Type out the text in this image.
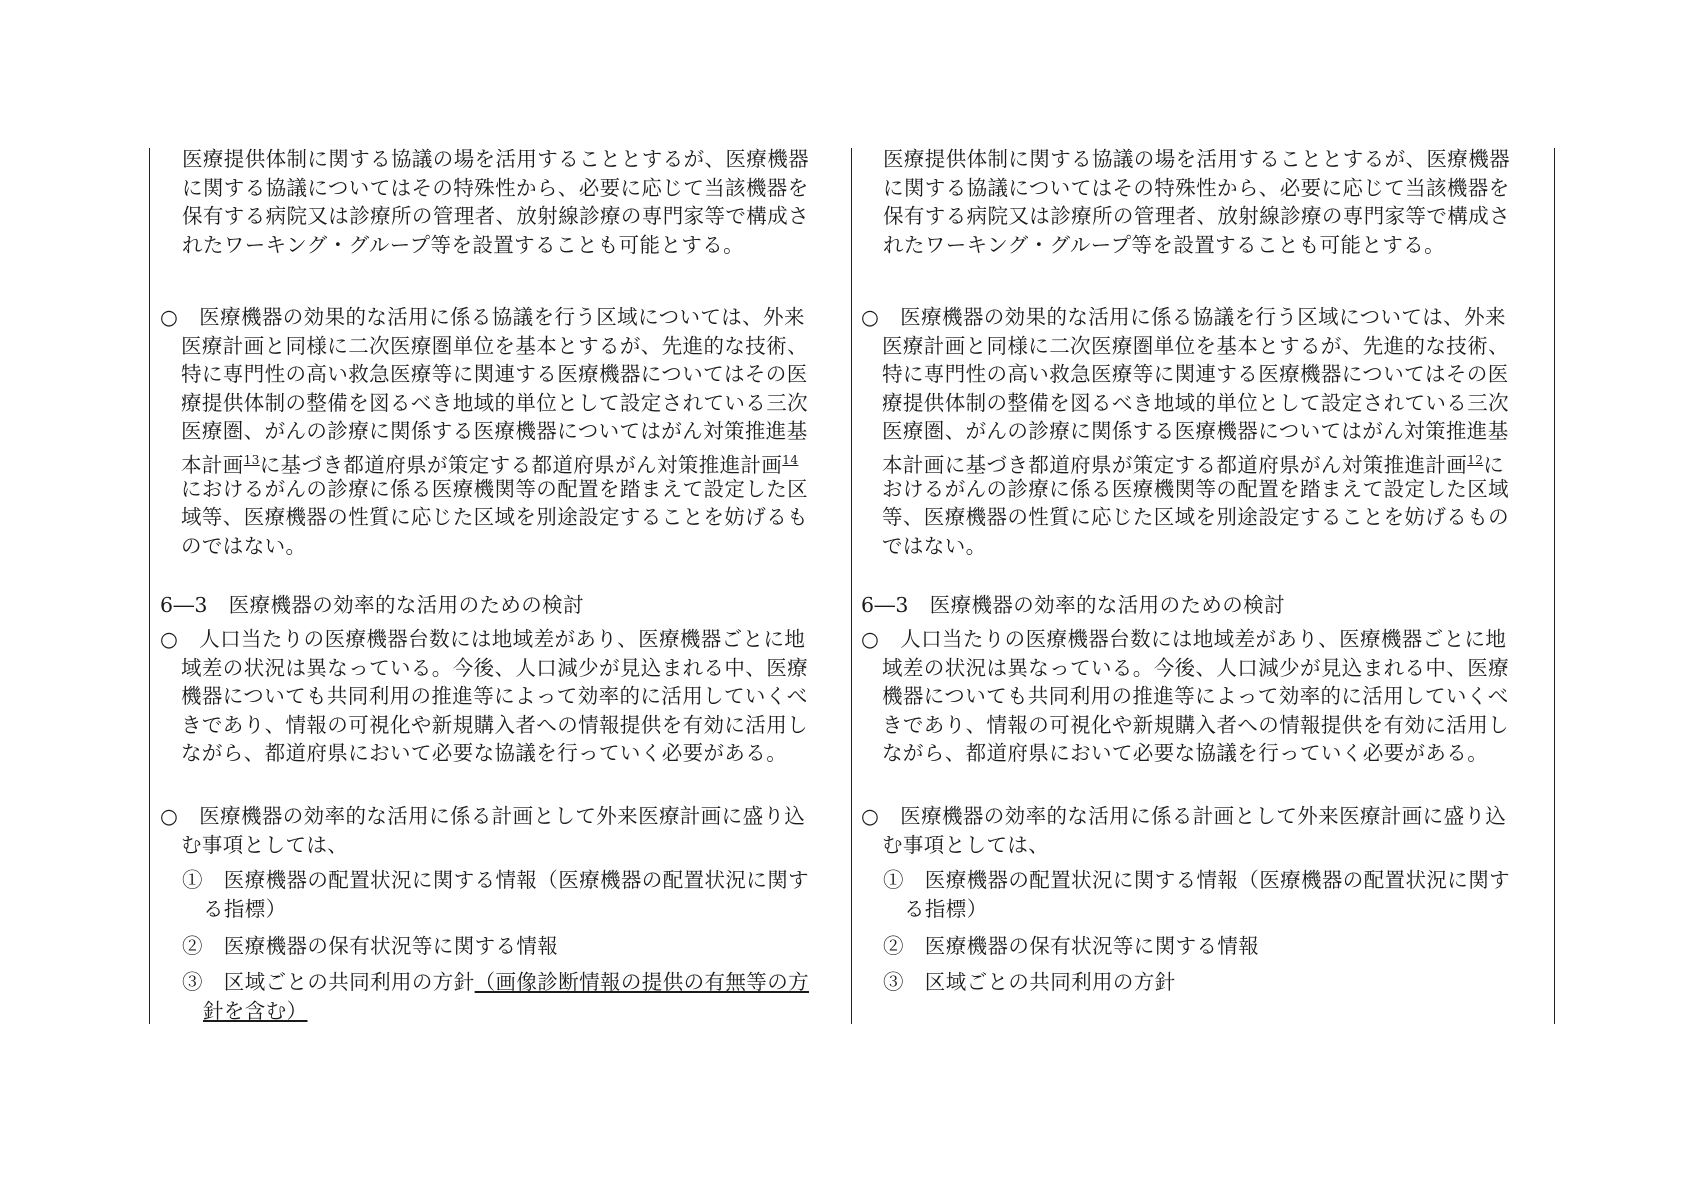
医療提供体制に関する協議の場を活用することとするが、医療機器
に関する協議についてはその特殊性から、必要に応じて当該機器を
保有する病院又は診療所の管理者、放射線診療の専門家等で構成さ
れたワーキング・グループ等を設置することも可能とする。
○　医療機器の効果的な活用に係る協議を行う区域については、外来
医療計画と同様に二次医療圏単位を基本とするが、先進的な技術、
特に専門性の高い救急医療等に関連する医療機器についてはその医
療提供体制の整備を図るべき地域的単位として設定されている三次
医療圏、がんの診療に関係する医療機器についてはがん対策推進基
本計画$^{13}$に基づき都道府県が策定する都道府県がん対策推進計画$^{14}$
におけるがんの診療に係る医療機関等の配置を踏まえて設定した区
域等、医療機器の性質に応じた区域を別途設定することを妨げるも
のではない。
6―3　医療機器の効率的な活用のための検討
○　人口当たりの医療機器台数には地域差があり、医療機器ごとに地
域差の状況は異なっている。今後、人口減少が見込まれる中、医療
機器についても共同利用の推進等によって効率的に活用していくべ
きであり、情報の可視化や新規購入者への情報提供を有効に活用し
ながら、都道府県において必要な協議を行っていく必要がある。
○　医療機器の効率的な活用に係る計画として外来医療計画に盛り込
む事項としては、
①　医療機器の配置状況に関する情報（医療機器の配置状況に関す
る指標）
②　医療機器の保有状況等に関する情報
③　区域ごとの共同利用の方針（画像診断情報の提供の有無等の方
針を含む）
医療提供体制に関する協議の場を活用することとするが、医療機器
に関する協議についてはその特殊性から、必要に応じて当該機器を
保有する病院又は診療所の管理者、放射線診療の専門家等で構成さ
れたワーキング・グループ等を設置することも可能とする。
○　医療機器の効果的な活用に係る協議を行う区域については、外来
医療計画と同様に二次医療圏単位を基本とするが、先進的な技術、
特に専門性の高い救急医療等に関連する医療機器についてはその医
療提供体制の整備を図るべき地域的単位として設定されている三次
医療圏、がんの診療に関係する医療機器についてはがん対策推進基
本計画に基づき都道府県が策定する都道府県がん対策推進計画$^{12}$に
おけるがんの診療に係る医療機関等の配置を踏まえて設定した区域
等、医療機器の性質に応じた区域を別途設定することを妨げるもの
ではない。
6―3　医療機器の効率的な活用のための検討
○　人口当たりの医療機器台数には地域差があり、医療機器ごとに地
域差の状況は異なっている。今後、人口減少が見込まれる中、医療
機器についても共同利用の推進等によって効率的に活用していくべ
きであり、情報の可視化や新規購入者への情報提供を有効に活用し
ながら、都道府県において必要な協議を行っていく必要がある。
○　医療機器の効率的な活用に係る計画として外来医療計画に盛り込
む事項としては、
①　医療機器の配置状況に関する情報（医療機器の配置状況に関す
る指標）
②　医療機器の保有状況等に関する情報
③　区域ごとの共同利用の方針
